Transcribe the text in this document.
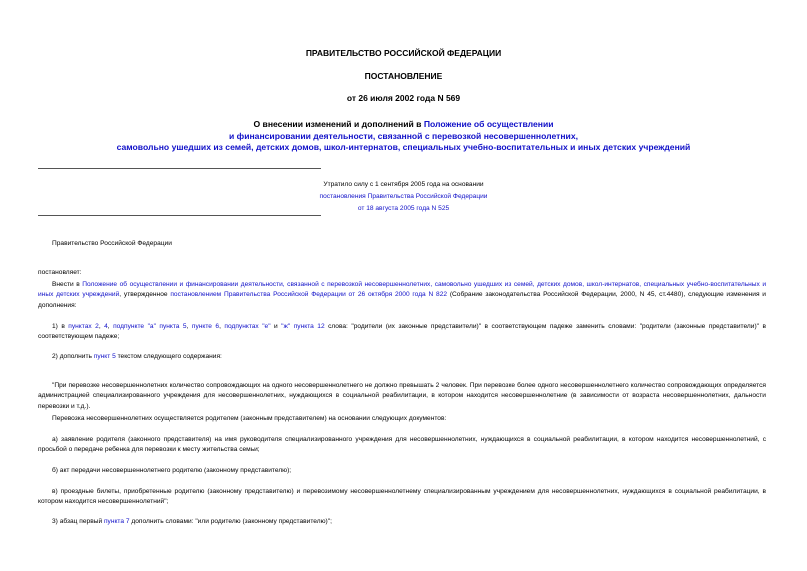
ПРАВИТЕЛЬСТВО РОССИЙСКОЙ ФЕДЕРАЦИИ
ПОСТАНОВЛЕНИЕ
от 26 июля 2002 года N 569
О внесении изменений и дополнений в Положение об осуществлении
и финансировании деятельности, связанной с перевозкой несовершеннолетних,
самовольно ушедших из семей, детских домов, школ-интернатов, специальных учебно-воспитательных и иных детских учреждений
Утратило силу с 1 сентября 2005 года на основании
постановления Правительства Российской Федерации
от 18 августа 2005 года N 525
Правительство Российской Федерации
постановляет:
Внести в Положение об осуществлении и финансировании деятельности, связанной с перевозкой несовершеннолетних, самовольно ушедших из семей, детских домов, школ-интернатов, специальных учебно-воспитательных и иных детских учреждений, утвержденное постановлением Правительства Российской Федерации от 26 октября 2000 года N 822 (Собрание законодательства Российской Федерации, 2000, N 45, ст.4480), следующие изменения и дополнения:
1) в пунктах 2, 4, подпункте "а" пункта 5, пункте 6, подпунктах "е" и "ж" пункта 12 слова: "родители (их законные представители)" в соответствующем падеже заменить словами: "родители (законные представители)" в соответствующем падеже;
2) дополнить пункт 5 текстом следующего содержания:
"При перевозке несовершеннолетних количество сопровождающих на одного несовершеннолетнего не должно превышать 2 человек. При перевозке более одного несовершеннолетнего количество сопровождающих определяется администрацией специализированного учреждения для несовершеннолетних, нуждающихся в социальной реабилитации, в котором находится несовершеннолетние (в зависимости от возраста несовершеннолетних, дальности перевозки и т.д.).
Перевозка несовершеннолетних осуществляется родителем (законным представителем) на основании следующих документов:
а) заявление родителя (законного представителя) на имя руководителя специализированного учреждения для несовершеннолетних, нуждающихся в социальной реабилитации, в котором находится несовершеннолетний, с просьбой о передаче ребенка для перевозки к месту жительства семьи;
б) акт передачи несовершеннолетнего родителю (законному представителю);
в) проездные билеты, приобретенные родителю (законному представителю) и перевозимому несовершеннолетнему специализированным учреждением для несовершеннолетних, нуждающихся в социальной реабилитации, в котором находится несовершеннолетний";
3) абзац первый пункта 7 дополнить словами: "или родителю (законному представителю)";
